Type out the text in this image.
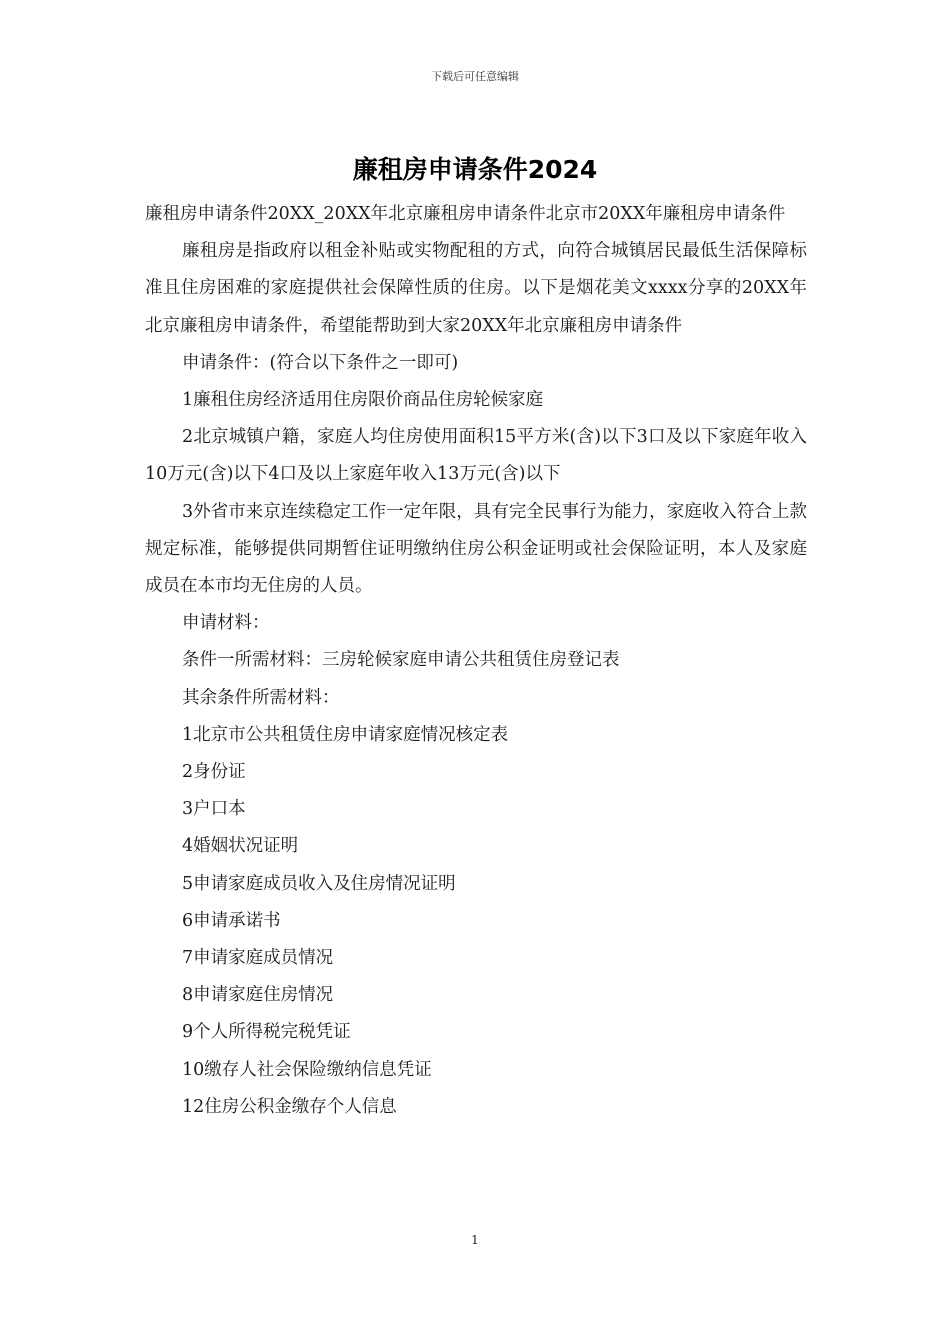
下载后可任意编辑
廉租房申请条件2024

廉租房申请条件20XX_20XX年北京廉租房申请条件北京市20XX年廉租房申请条件

廉租房是指政府以租金补贴或实物配租的方式，向符合城镇居民最低生活保障标准且住房困难的家庭提供社会保障性质的住房。以下是烟花美文xxxx分享的20XX年北京廉租房申请条件，希望能帮助到大家20XX年北京廉租房申请条件

申请条件：(符合以下条件之一即可)

1廉租住房经济适用住房限价商品住房轮候家庭

2北京城镇户籍，家庭人均住房使用面积15平方米(含)以下3口及以下家庭年收入10万元(含)以下4口及以上家庭年收入13万元(含)以下

3外省市来京连续稳定工作一定年限，具有完全民事行为能力，家庭收入符合上款规定标准，能够提供同期暂住证明缴纳住房公积金证明或社会保险证明，本人及家庭成员在本市均无住房的人员。

申请材料：

条件一所需材料：三房轮候家庭申请公共租赁住房登记表

其余条件所需材料：

1北京市公共租赁住房申请家庭情况核定表

2身份证

3户口本

4婚姻状况证明

5申请家庭成员收入及住房情况证明

6申请承诺书

7申请家庭成员情况

8申请家庭住房情况

9个人所得税完税凭证

10缴存人社会保险缴纳信息凭证

12住房公积金缴存个人信息

1
